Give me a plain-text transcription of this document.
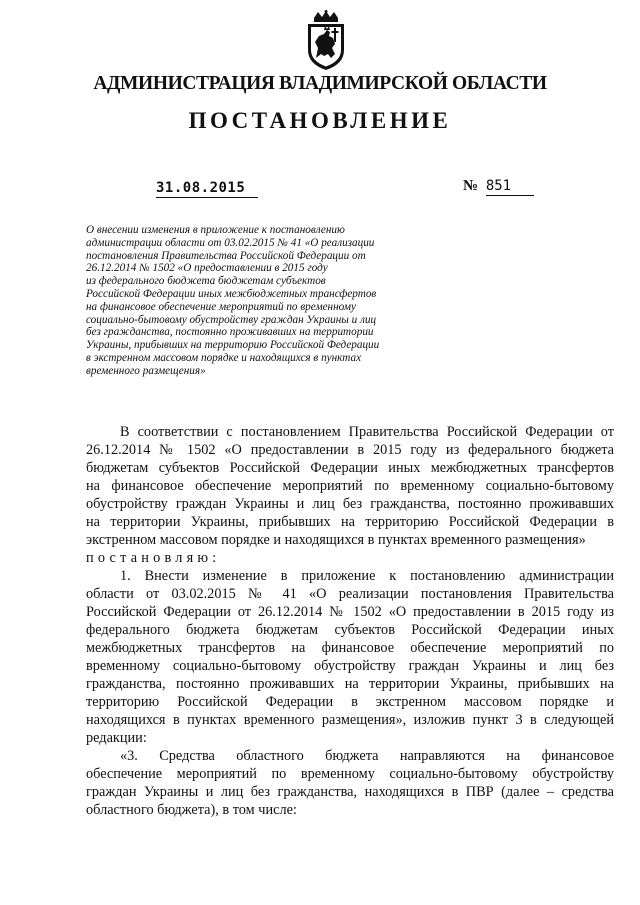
АДМИНИСТРАЦИЯ ВЛАДИМИРСКОЙ ОБЛАСТИ
ПОСТАНОВЛЕНИЕ
31.08.2015	№ 851
О внесении изменения в приложение к постановлению
администрации области от 03.02.2015 № 41 «О реализации
постановления Правительства Российской Федерации от
26.12.2014 № 1502 «О предоставлении в 2015 году
из федерального бюджета бюджетам субъектов
Российской Федерации иных межбюджетных трансфертов
на финансовое обеспечение мероприятий по временному
социально-бытовому обустройству граждан Украины и лиц
без гражданства, постоянно проживавших на территории
Украины, прибывших на территорию Российской Федерации
в экстренном массовом порядке и находящихся в пунктах
временного размещения»
В соответствии с постановлением Правительства Российской Федерации от
26.12.2014 № 1502 «О предоставлении в 2015 году из федерального бюджета
бюджетам субъектов Российской Федерации иных межбюджетных трансфертов
на финансовое обеспечение мероприятий по временному социально-бытовому
обустройству граждан Украины и лиц без гражданства, постоянно проживавших
на территории Украины, прибывших на территорию Российской Федерации в
экстренном массовом порядке и находящихся в пунктах временного размещения»
постановляю:
1. Внести изменение в приложение к постановлению администрации
области от 03.02.2015 № 41 «О реализации постановления Правительства
Российской Федерации от 26.12.2014 № 1502 «О предоставлении в 2015 году из
федерального бюджета бюджетам субъектов Российской Федерации иных
межбюджетных трансфертов на финансовое обеспечение мероприятий по
временному социально-бытовому обустройству граждан Украины и лиц без
гражданства, постоянно проживавших на территории Украины, прибывших на
территорию Российской Федерации в экстренном массовом порядке и
находящихся в пунктах временного размещения», изложив пункт 3 в следующей
редакции:
«3. Средства областного бюджета направляются на финансовое
обеспечение мероприятий по временному социально-бытовому обустройству
граждан Украины и лиц без гражданства, находящихся в ПВР (далее – средства
областного бюджета), в том числе:
